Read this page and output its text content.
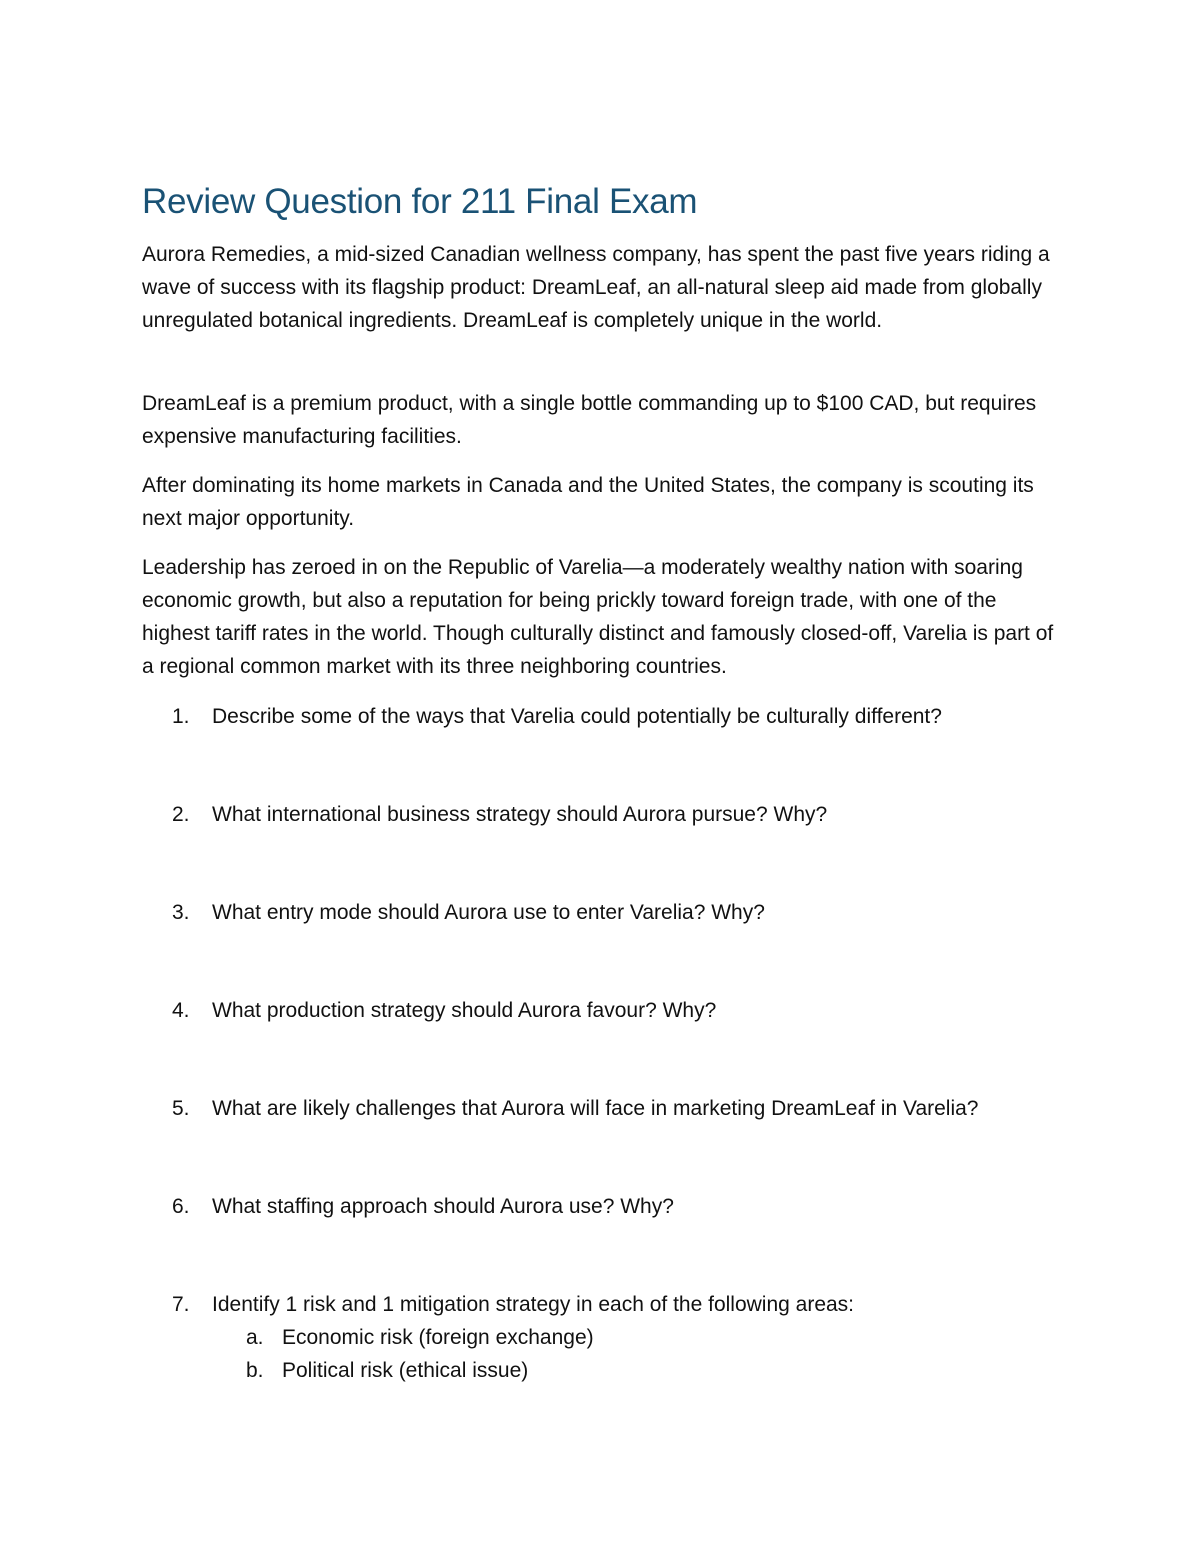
Review Question for 211 Final Exam

Aurora Remedies, a mid-sized Canadian wellness company, has spent the past five years riding a wave of success with its flagship product: DreamLeaf, an all-natural sleep aid made from globally unregulated botanical ingredients. DreamLeaf is completely unique in the world.

DreamLeaf is a premium product, with a single bottle commanding up to $100 CAD, but requires expensive manufacturing facilities.

After dominating its home markets in Canada and the United States, the company is scouting its next major opportunity.

Leadership has zeroed in on the Republic of Varelia—a moderately wealthy nation with soaring economic growth, but also a reputation for being prickly toward foreign trade, with one of the highest tariff rates in the world. Though culturally distinct and famously closed-off, Varelia is part of a regional common market with its three neighboring countries.

1.	Describe some of the ways that Varelia could potentially be culturally different?
2.	What international business strategy should Aurora pursue? Why?
3.	What entry mode should Aurora use to enter Varelia? Why?
4.	What production strategy should Aurora favour? Why?
5.	What are likely challenges that Aurora will face in marketing DreamLeaf in Varelia?
6.	What staffing approach should Aurora use? Why?
7.	Identify 1 risk and 1 mitigation strategy in each of the following areas:
a. Economic risk (foreign exchange)
b. Political risk (ethical issue)
